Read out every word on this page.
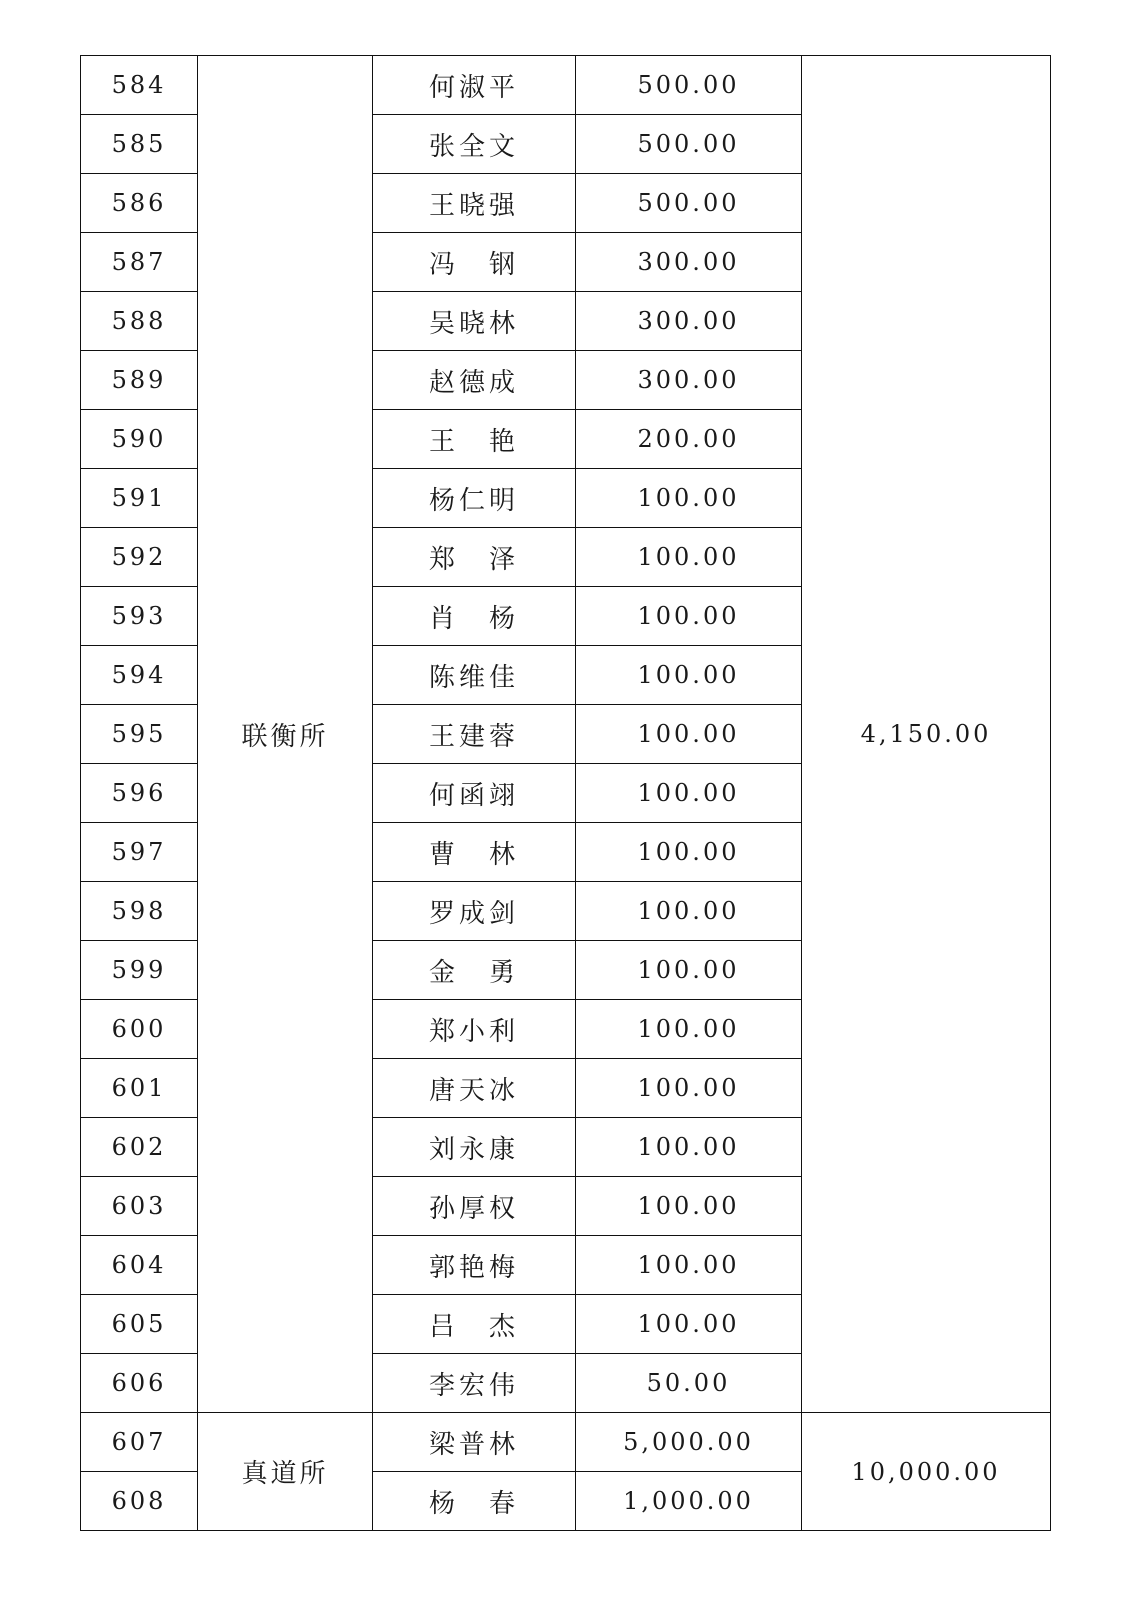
584	联衡所	何淑平	500.00	4,150.00
585		张全文	500.00	
586		王晓强	500.00	
587		冯　钢	300.00	
588		吴晓林	300.00	
589		赵德成	300.00	
590		王　艳	200.00	
591		杨仁明	100.00	
592		郑　泽	100.00	
593		肖　杨	100.00	
594		陈维佳	100.00	
595		王建蓉	100.00	
596		何函翊	100.00	
597		曹　林	100.00	
598		罗成剑	100.00	
599		金　勇	100.00	
600		郑小利	100.00	
601		唐天冰	100.00	
602		刘永康	100.00	
603		孙厚权	100.00	
604		郭艳梅	100.00	
605		吕　杰	100.00	
606		李宏伟	50.00	
607	真道所	梁普林	5,000.00	10,000.00
608		杨　春	1,000.00	
